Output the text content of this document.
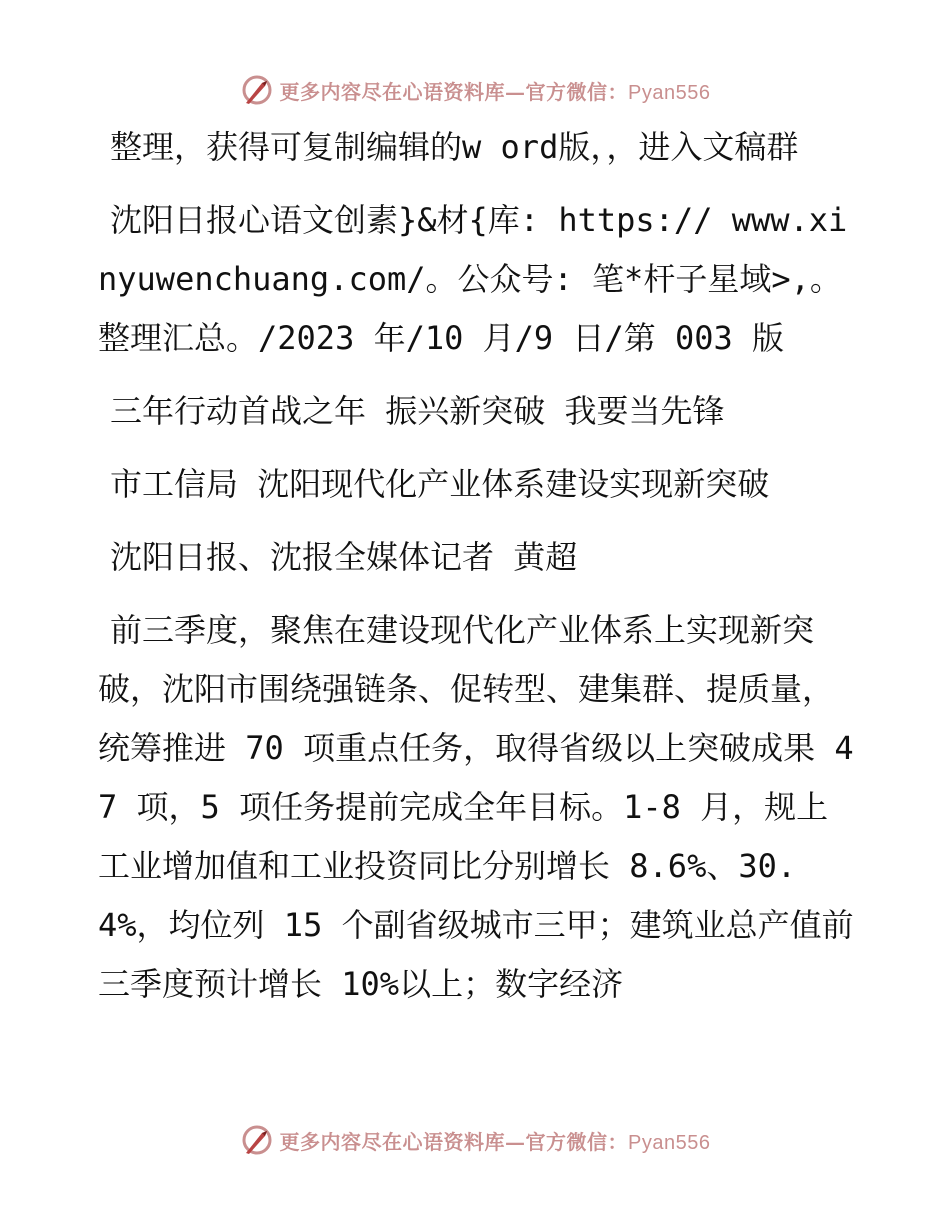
更多内容尽在心语资料库—官方微信：Pyan556

整理，获得可复制编辑的w ord版，，进入文稿群

沈阳日报心语文创素}&材{库: https:// www.xinyuwenchuang.com/。公众号: 笔*杆子星域>,。整理汇总。/2023 年/10 月/9 日/第 003 版

三年行动首战之年 振兴新突破 我要当先锋

市工信局 沈阳现代化产业体系建设实现新突破

沈阳日报、沈报全媒体记者 黄超

前三季度，聚焦在建设现代化产业体系上实现新突破，沈阳市围绕强链条、促转型、建集群、提质量，统筹推进 70 项重点任务，取得省级以上突破成果 47 项，5 项任务提前完成全年目标。1-8 月，规上工业增加值和工业投资同比分别增长 8.6%、30.4%，均位列 15 个副省级城市三甲；建筑业总产值前三季度预计增长 10%以上；数字经济

更多内容尽在心语资料库—官方微信：Pyan556
